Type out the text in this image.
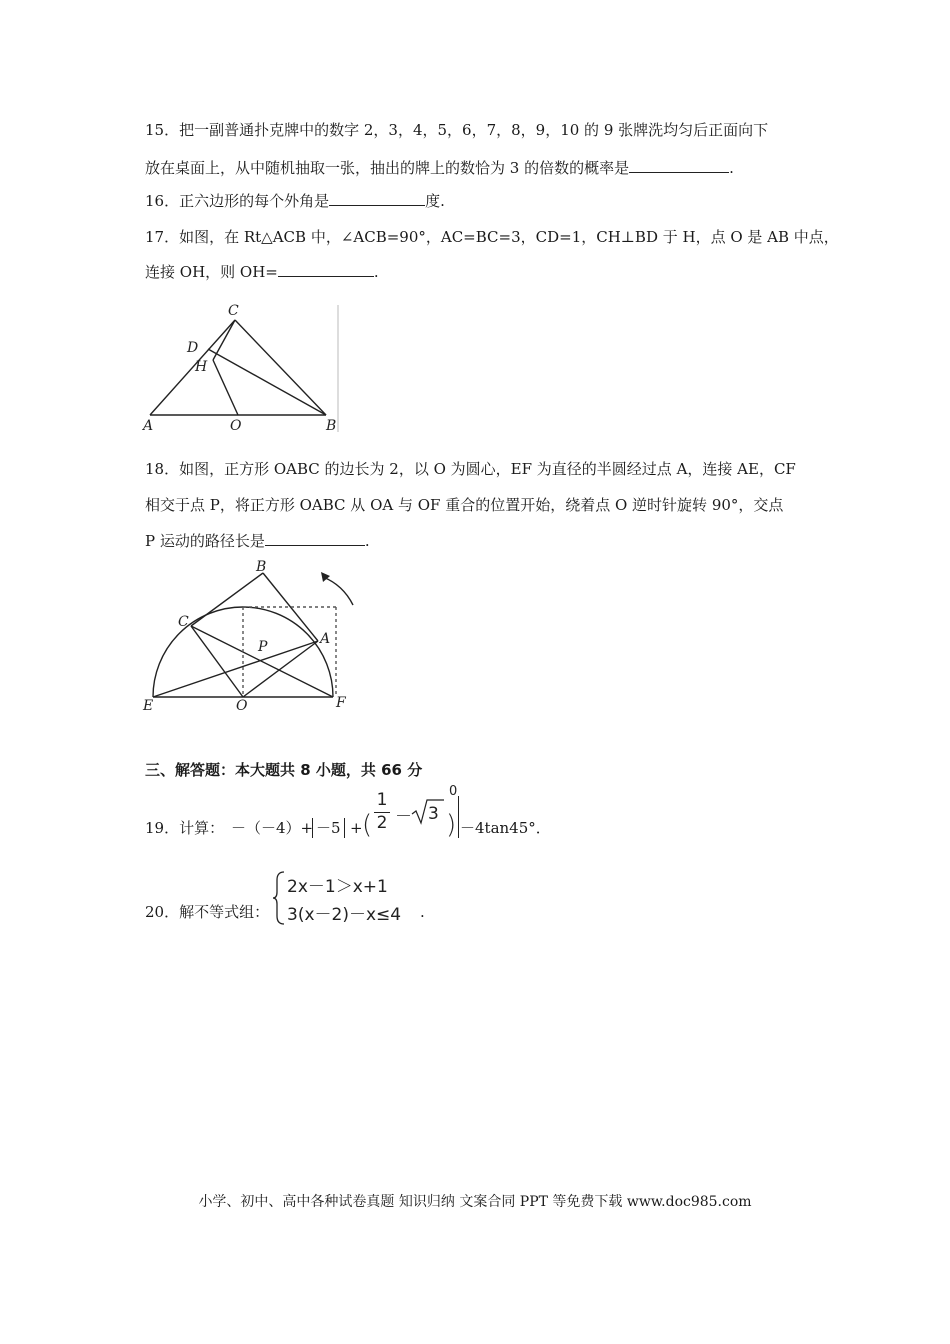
15．把一副普通扑克牌中的数字 2，3，4，5，6，7，8，9，10 的 9 张牌洗均匀后正面向下
放在桌面上，从中随机抽取一张，抽出的牌上的数恰为 3 的倍数的概率是	.
16．正六边形的每个外角是	度.
17．如图，在 Rt△ACB 中，∠ACB=90°，AC=BC=3，CD=1，CH⊥BD 于 H，点 O 是 AB 中点，
连接 OH，则 OH=	.
C
D
H
A	O	B
18．如图，正方形 OABC 的边长为 2，以 O 为圆心，EF 为直径的半圆经过点 A，连接 AE，CF
相交于点 P，将正方形 OABC 从 OA 与 OF 重合的位置开始，绕着点 O 逆时针旋转 90°，交点
P 运动的路径长是	.
B
C
A
P
E	O	F
三、解答题：本大题共 8 小题，共 66 分
19．计算： －（－4）+ －5 + (
1
2 － 3 )
0
－4tan45°．
20．解不等式组：
2x－1＞x+1
3(x－2)－x≤4 .
小学、初中、高中各种试卷真题 知识归纳 文案合同 PPT 等免费下载 www.doc985.com
